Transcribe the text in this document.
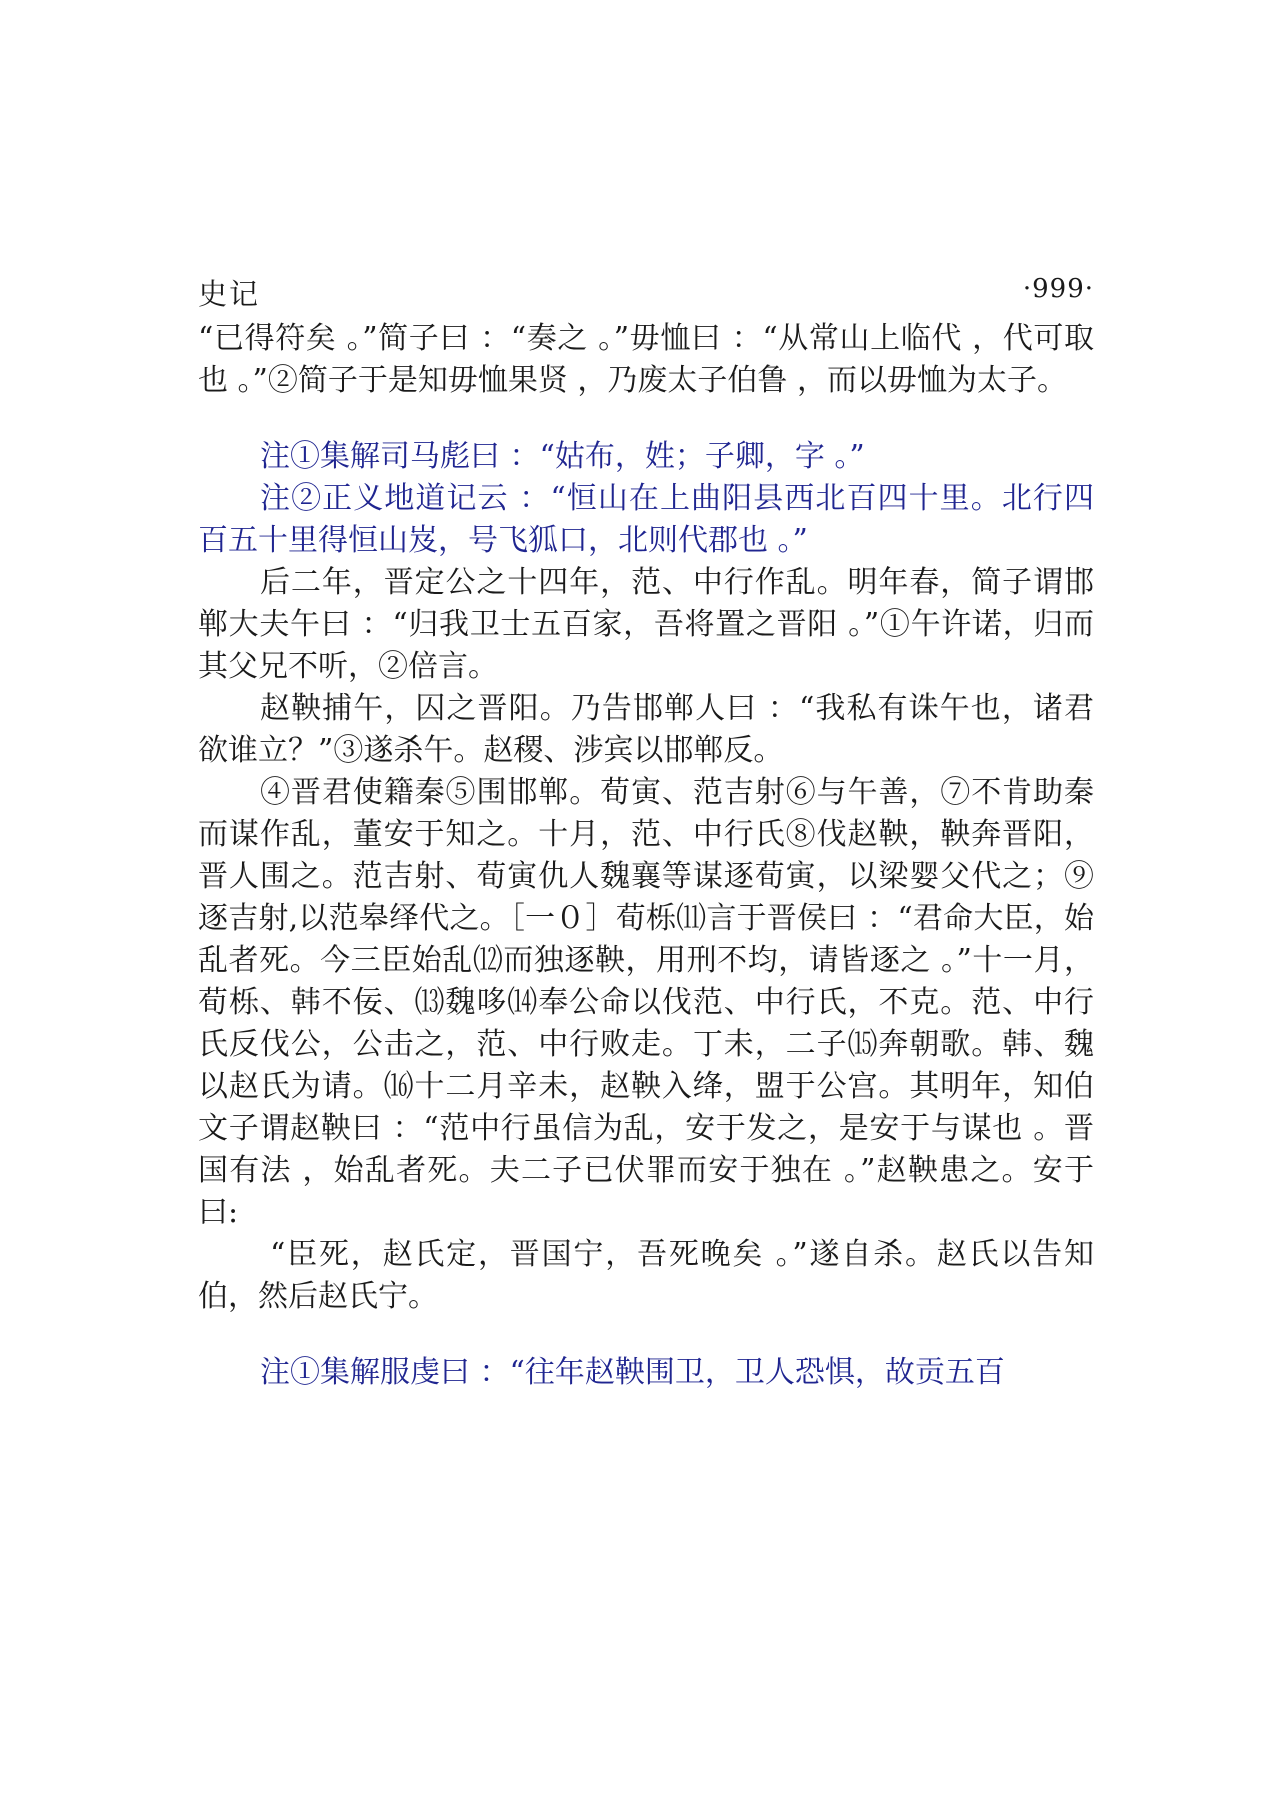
史记	·999·

“已得符矣 。”简子曰 ：“奏之 。”毋恤曰 ：“从常山上临代 ，代可取也 。”②简子于是知毋恤果贤 ，乃废太子伯鲁 ，而以毋恤为太子。

注①集解司马彪曰 ：“姑布，姓；子卿，字 。”

注②正义地道记云 ：“恒山在上曲阳县西北百四十里。北行四百五十里得恒山岌，号飞狐口，北则代郡也 。”

后二年，晋定公之十四年，范、中行作乱。明年春，简子谓邯郸大夫午曰 ：“归我卫士五百家，吾将置之晋阳 。”①午许诺，归而其父兄不听，②倍言。

赵鞅捕午，囚之晋阳。乃告邯郸人曰 ：“我私有诛午也，诸君欲谁立？”③遂杀午。赵稷、涉宾以邯郸反。

④晋君使籍秦⑤围邯郸。荀寅、范吉射⑥与午善，⑦不肯助秦而谋作乱，董安于知之。十月，范、中行氏⑧伐赵鞅，鞅奔晋阳，晋人围之。范吉射、荀寅仇人魏襄等谋逐荀寅，以梁婴父代之；⑨逐吉射,以范皋绎代之。［一０］荀栎⑾言于晋侯曰 ：“君命大臣，始乱者死。今三臣始乱⑿而独逐鞅，用刑不均，请皆逐之 。”十一月，荀栎、韩不佞、⒀魏哆⒁奉公命以伐范、中行氏，不克。范、中行氏反伐公，公击之，范、中行败走。丁未，二子⒂奔朝歌。韩、魏以赵氏为请。⒃十二月辛未，赵鞅入绛，盟于公宫。其明年，知伯文子谓赵鞅曰 ：“范中行虽信为乱，安于发之，是安于与谋也 。晋国有法 ，始乱者死。夫二子已伏罪而安于独在 。”赵鞅患之。安于曰:

“臣死，赵氏定，晋国宁，吾死晚矣 。”遂自杀。赵氏以告知伯，然后赵氏宁。

注①集解服虔曰 ：“往年赵鞅围卫，卫人恐惧，故贡五百
